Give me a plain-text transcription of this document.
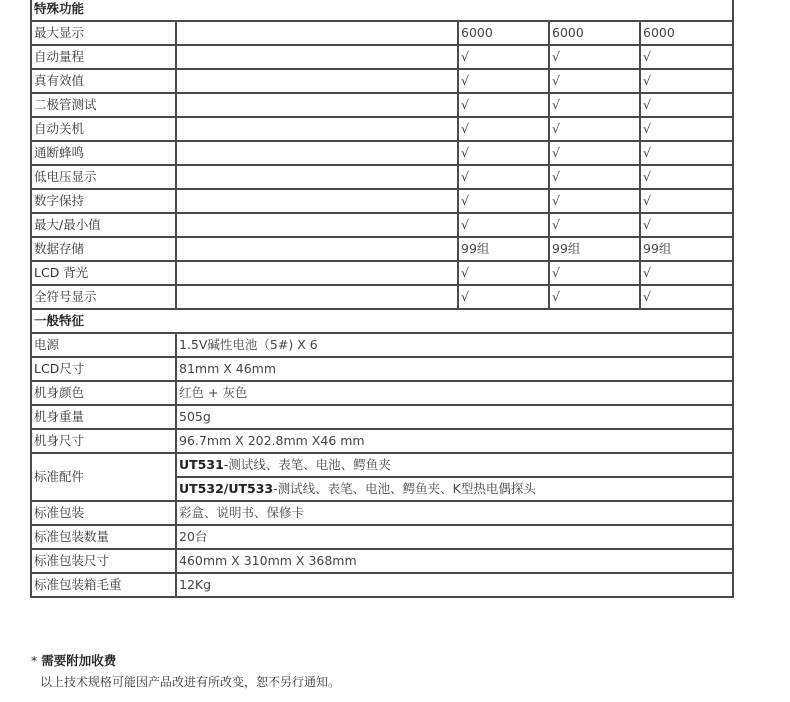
特殊功能				
最大显示		6000	6000	6000
自动量程		√	√	√
真有效值		√	√	√
二极管测试		√	√	√
自动关机		√	√	√
通断蜂鸣		√	√	√
低电压显示		√	√	√
数字保持		√	√	√
最大/最小值		√	√	√
数据存储		99组	99组	99组
LCD 背光		√	√	√
全符号显示		√	√	√
一般特征				
电源	1.5V碱性电池（5#) X 6			
LCD尺寸	81mm X 46mm			
机身颜色	红色 + 灰色			
机身重量	505g			
机身尺寸	96.7mm X 202.8mm X46 mm			
标准配件	UT531-测试线、表笔、电池、鳄鱼夹			
	UT532/UT533-测试线、表笔、电池、鳄鱼夹、K型热电偶探头			
标准包装	彩盒、说明书、保修卡			
标准包装数量	20台			
标准包装尺寸	460mm X 310mm X 368mm			
标准包装箱毛重	12Kg			
* 需要附加收费
以上技术规格可能因产品改进有所改变，恕不另行通知。
